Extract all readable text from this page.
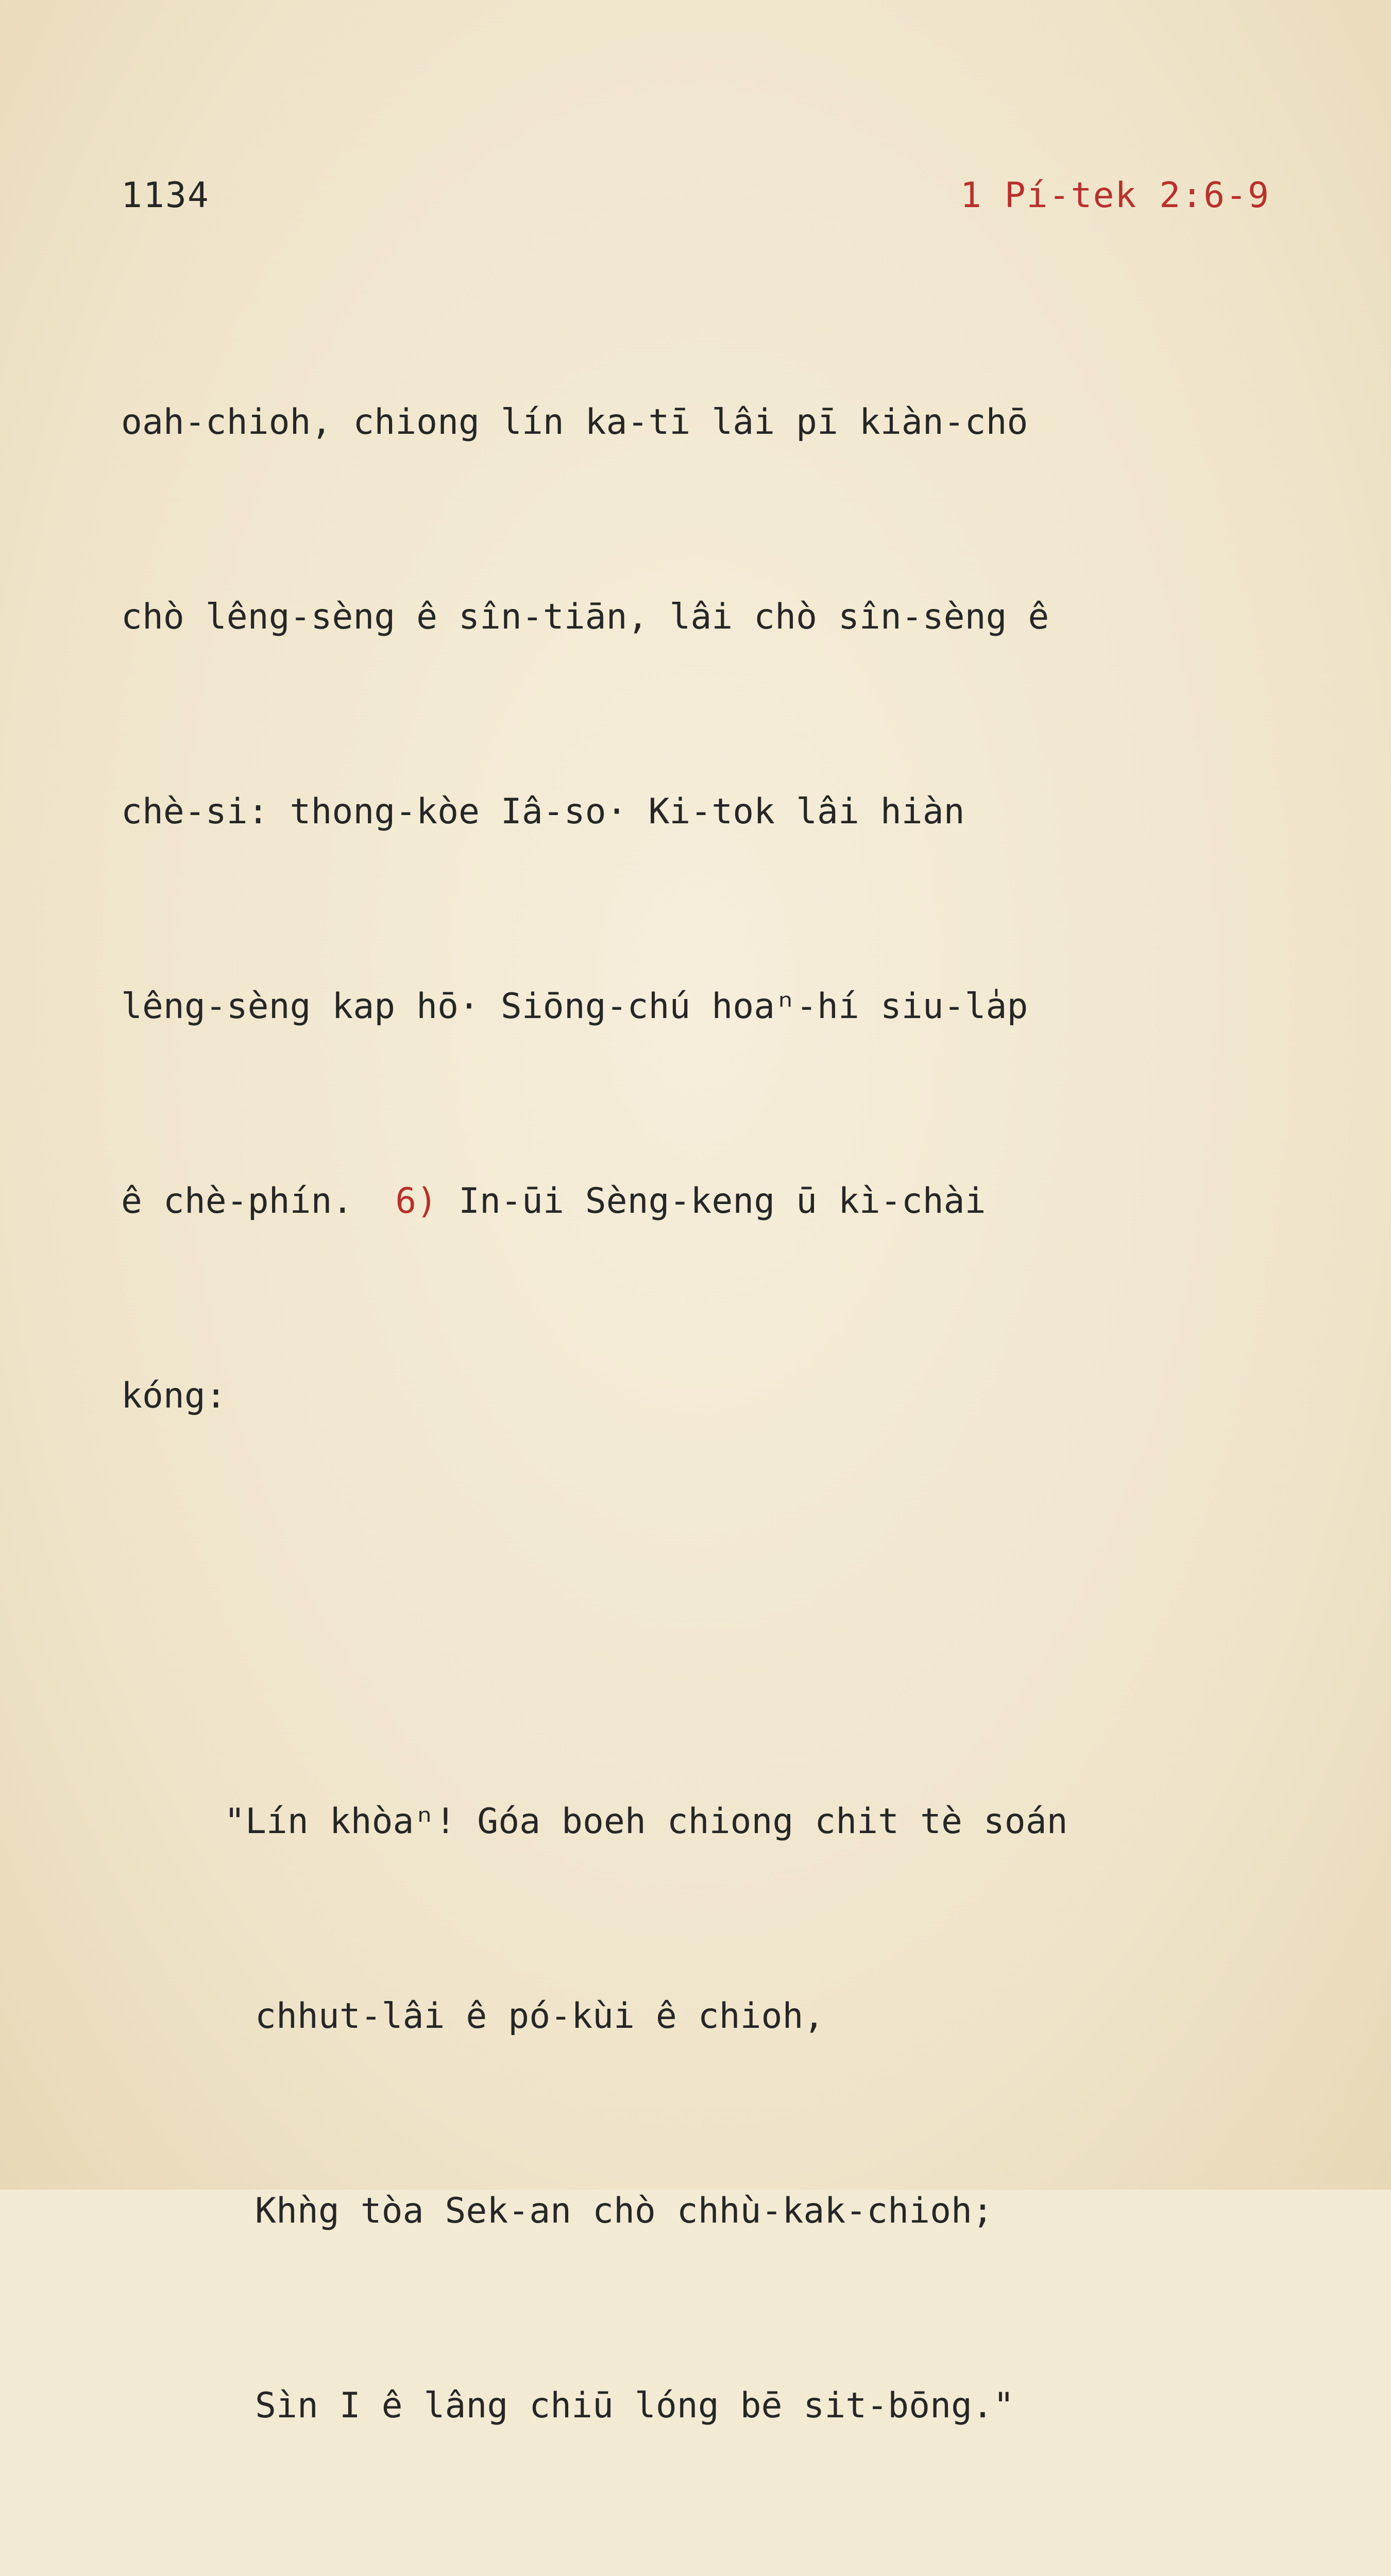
1134	1 Pí-tek 2:6-9

oah-chioh, chiong lín ka-tī lâi pī kiàn-chō

chò lêng-sèng ê sîn-tiān, lâi chò sîn-sèng ê

chè-si: thong-kòe Iâ-so· Ki-tok lâi hiàn

lêng-sèng kap hō· Siōng-chú hoaⁿ-hí siu-la̍p

ê chè-phín. 6) In-ūi Sèng-keng ū kì-chài

kóng:

"Lín khòaⁿ! Góa boeh chiong chit tè soán

chhut-lâi ê pó-kùi ê chioh,

Khǹg tòa Sek-an chò chhù-kak-chioh;

Sìn I ê lâng chiū lóng bē sit-bōng."
